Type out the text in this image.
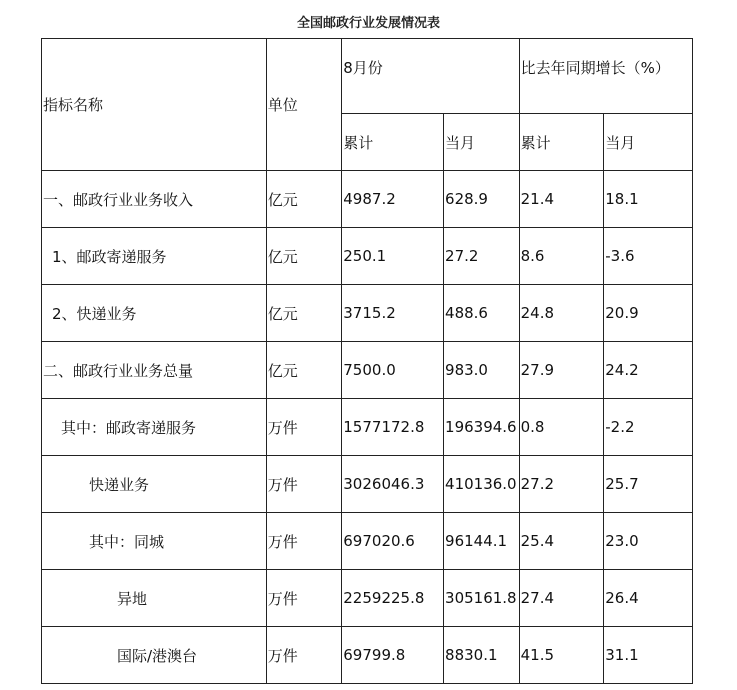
全国邮政行业发展情况表
指标名称	单位	8月份		比去年同期增长（%）	
		累计	当月	累计	当月
一、邮政行业业务收入	亿元	4987.2	628.9	21.4	18.1
1、邮政寄递服务	亿元	250.1	27.2	8.6	-3.6
2、快递业务	亿元	3715.2	488.6	24.8	20.9
二、邮政行业业务总量	亿元	7500.0	983.0	27.9	24.2
其中：邮政寄递服务	万件	1577172.8	196394.6	0.8	-2.2
快递业务	万件	3026046.3	410136.0	27.2	25.7
其中：同城	万件	697020.6	96144.1	25.4	23.0
异地	万件	2259225.8	305161.8	27.4	26.4
国际/港澳台	万件	69799.8	8830.1	41.5	31.1
